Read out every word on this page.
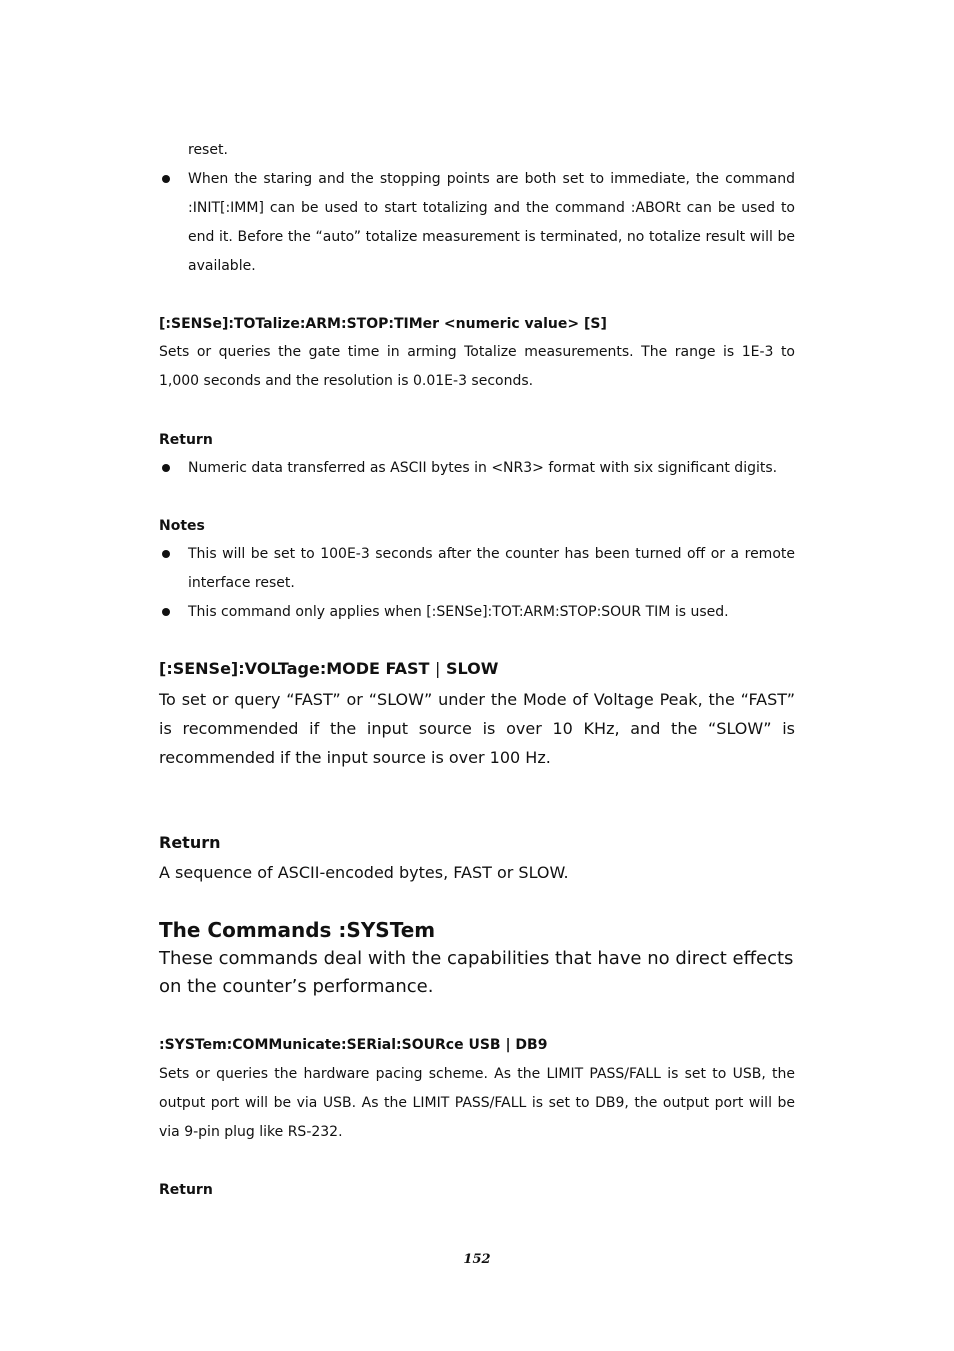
reset.
When the staring and the stopping points are both set to immediate, the command :INIT[:IMM] can be used to start totalizing and the command :ABORt can be used to end it. Before the “auto” totalize measurement is terminated, no totalize result will be available.
[:SENSe]:TOTalize:ARM:STOP:TIMer <numeric value> [S]
Sets or queries the gate time in arming Totalize measurements. The range is 1E-3 to 1,000 seconds and the resolution is 0.01E-3 seconds.
Return
Numeric data transferred as ASCII bytes in <NR3> format with six significant digits.
Notes
This will be set to 100E-3 seconds after the counter has been turned off or a remote interface reset.
This command only applies when [:SENSe]:TOT:ARM:STOP:SOUR TIM is used.
[:SENSe]:VOLTage:MODE FAST | SLOW
To set or query “FAST” or “SLOW” under the Mode of Voltage Peak, the “FAST” is recommended if the input source is over 10 KHz, and the “SLOW” is recommended if the input source is over 100 Hz.
Return
A sequence of ASCII-encoded bytes, FAST or SLOW.
The Commands :SYSTem
These commands deal with the capabilities that have no direct effects on the counter’s performance.
:SYSTem:COMMunicate:SERial:SOURce USB | DB9
Sets or queries the hardware pacing scheme. As the LIMIT PASS/FALL is set to USB, the output port will be via USB. As the LIMIT PASS/FALL is set to DB9, the output port will be via 9-pin plug like RS-232.
Return
152
